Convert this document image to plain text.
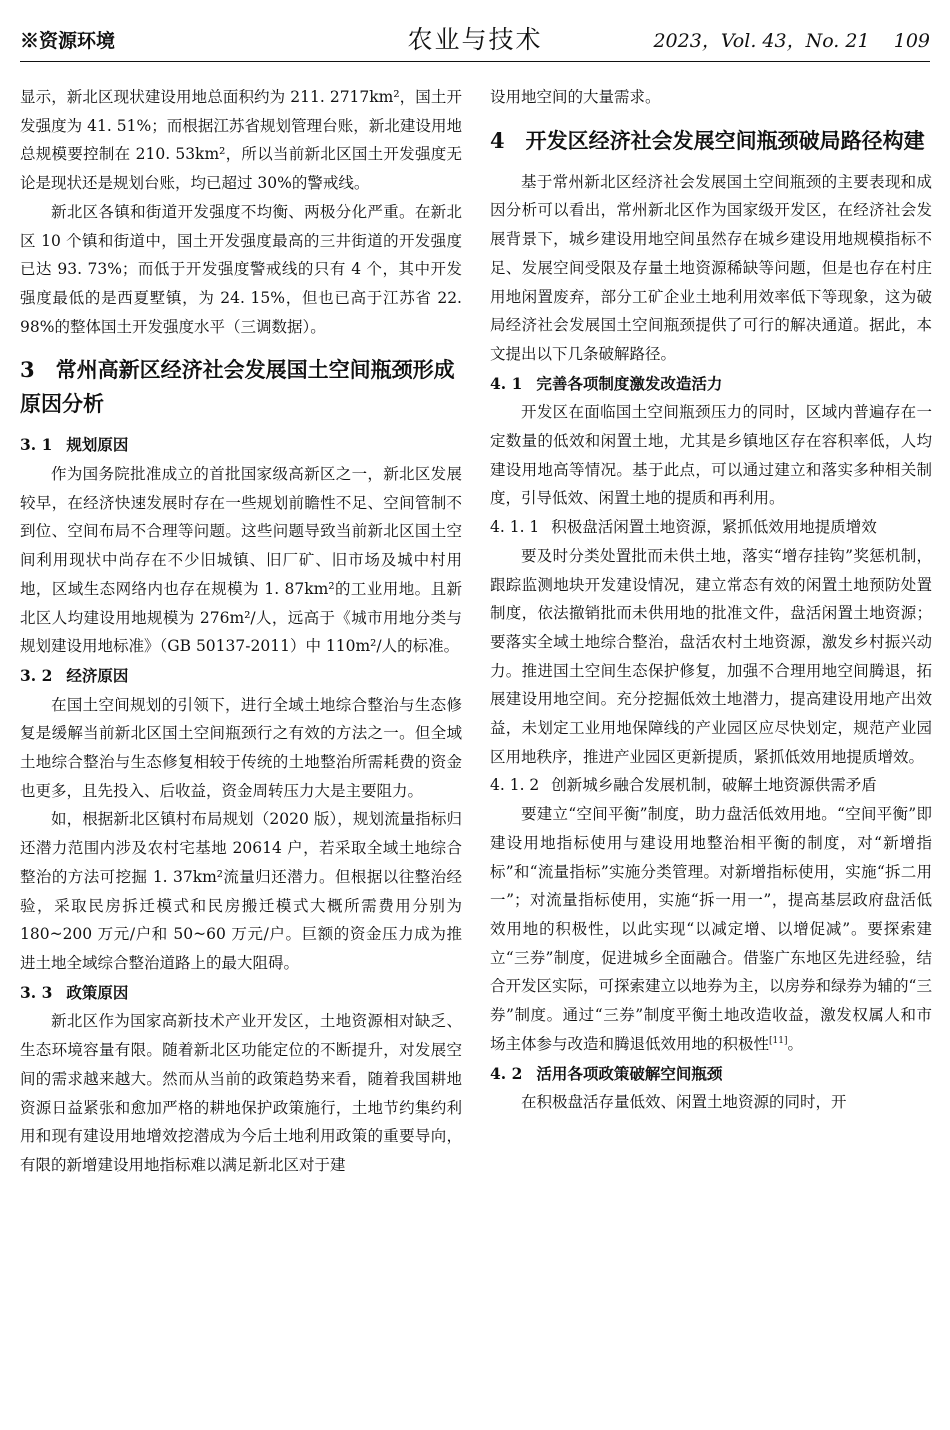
※资源环境	农业与技术	2023，Vol. 43，No. 21 109

显示，新北区现状建设用地总面积约为 211. 2717km²，国土开发强度为 41. 51%；而根据江苏省规划管理台账，新北建设用地总规模要控制在 210. 53km²，所以当前新北区国土开发强度无论是现状还是规划台账，均已超过 30%的警戒线。

新北区各镇和街道开发强度不均衡、两极分化严重。在新北区 10 个镇和街道中，国土开发强度最高的三井街道的开发强度已达 93. 73%；而低于开发强度警戒线的只有 4 个，其中开发强度最低的是西夏墅镇，为 24. 15%，但也已高于江苏省 22. 98%的整体国土开发强度水平（三调数据）。

3　常州高新区经济社会发展国土空间瓶颈形成原因分析
3. 1 规划原因

作为国务院批准成立的首批国家级高新区之一，新北区发展较早，在经济快速发展时存在一些规划前瞻性不足、空间管制不到位、空间布局不合理等问题。这些问题导致当前新北区国土空间利用现状中尚存在不少旧城镇、旧厂矿、旧市场及城中村用地，区域生态网络内也存在规模为 1. 87km²的工业用地。且新北区人均建设用地规模为 276m²/人，远高于《城市用地分类与规划建设用地标准》（GB 50137-2011）中 110m²/人的标准。

3. 2 经济原因

在国土空间规划的引领下，进行全域土地综合整治与生态修复是缓解当前新北区国土空间瓶颈行之有效的方法之一。但全域土地综合整治与生态修复相较于传统的土地整治所需耗费的资金也更多，且先投入、后收益，资金周转压力大是主要阻力。

如，根据新北区镇村布局规划（2020 版），规划流量指标归还潜力范围内涉及农村宅基地 20614 户，若采取全域土地综合整治的方法可挖掘 1. 37km²流量归还潜力。但根据以往整治经验，采取民房拆迁模式和民房搬迁模式大概所需费用分别为 180~200 万元/户和 50~60 万元/户。巨额的资金压力成为推进土地全域综合整治道路上的最大阻碍。

3. 3 政策原因

新北区作为国家高新技术产业开发区，土地资源相对缺乏、生态环境容量有限。随着新北区功能定位的不断提升，对发展空间的需求越来越大。然而从当前的政策趋势来看，随着我国耕地资源日益紧张和愈加严格的耕地保护政策施行，土地节约集约利用和现有建设用地增效挖潜成为今后土地利用政策的重要导向，有限的新增建设用地指标难以满足新北区对于建

设用地空间的大量需求。

4　开发区经济社会发展空间瓶颈破局路径构建

基于常州新北区经济社会发展国土空间瓶颈的主要表现和成因分析可以看出，常州新北区作为国家级开发区，在经济社会发展背景下，城乡建设用地空间虽然存在城乡建设用地规模指标不足、发展空间受限及存量土地资源稀缺等问题，但是也存在村庄用地闲置废弃，部分工矿企业土地利用效率低下等现象，这为破局经济社会发展国土空间瓶颈提供了可行的解决通道。据此，本文提出以下几条破解路径。

4. 1 完善各项制度激发改造活力

开发区在面临国土空间瓶颈压力的同时，区域内普遍存在一定数量的低效和闲置土地，尤其是乡镇地区存在容积率低，人均建设用地高等情况。基于此点，可以通过建立和落实多种相关制度，引导低效、闲置土地的提质和再利用。

4. 1. 1 积极盘活闲置土地资源，紧抓低效用地提质增效

要及时分类处置批而未供土地，落实“增存挂钩”奖惩机制，跟踪监测地块开发建设情况，建立常态有效的闲置土地预防处置制度，依法撤销批而未供用地的批准文件，盘活闲置土地资源；要落实全域土地综合整治，盘活农村土地资源，激发乡村振兴动力。推进国土空间生态保护修复，加强不合理用地空间腾退，拓展建设用地空间。充分挖掘低效土地潜力，提高建设用地产出效益，未划定工业用地保障线的产业园区应尽快划定，规范产业园区用地秩序，推进产业园区更新提质，紧抓低效用地提质增效。

4. 1. 2 创新城乡融合发展机制，破解土地资源供需矛盾

要建立“空间平衡”制度，助力盘活低效用地。“空间平衡”即建设用地指标使用与建设用地整治相平衡的制度，对“新增指标”和“流量指标”实施分类管理。对新增指标使用，实施“拆二用一”；对流量指标使用，实施“拆一用一”，提高基层政府盘活低效用地的积极性，以此实现“以减定增、以增促减”。要探索建立“三券”制度，促进城乡全面融合。借鉴广东地区先进经验，结合开发区实际，可探索建立以地券为主，以房券和绿券为辅的“三券”制度。通过“三券”制度平衡土地改造收益，激发权属人和市场主体参与改造和腾退低效用地的积极性[11]。

4. 2 活用各项政策破解空间瓶颈

在积极盘活存量低效、闲置土地资源的同时，开
